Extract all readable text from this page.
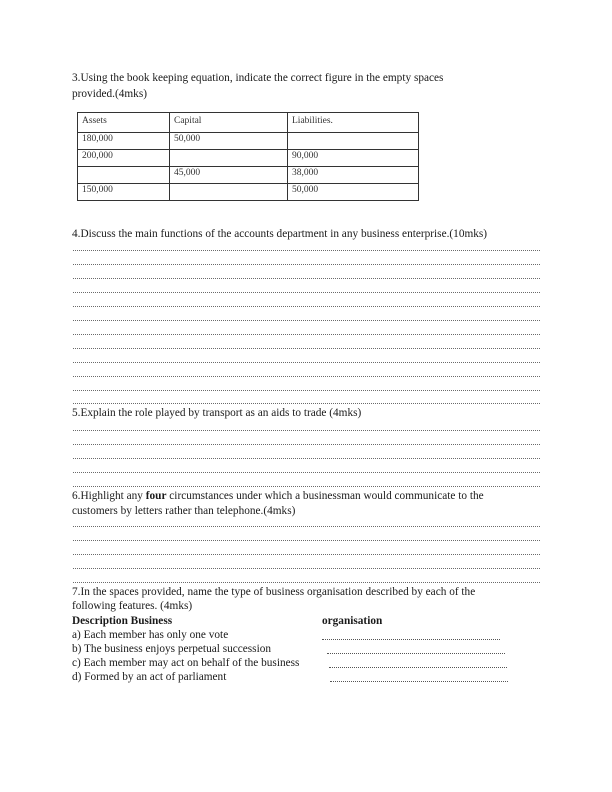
3.Using the book keeping equation, indicate the correct figure in the empty spaces
provided.(4mks)
Assets	Capital	Liabilities.
180,000	50,000	
200,000		90,000
	45,000	38,000
150,000		50,000
4.Discuss the main functions of the accounts department in any business enterprise.(10mks)
5.Explain the role played by transport as an aids to trade (4mks)
6.Highlight any four circumstances under which a businessman would communicate to the
customers by letters rather than telephone.(4mks)
7.In the spaces provided, name the type of business organisation described by each of the
following features. (4mks)
Description Business	organisation
a) Each member has only one vote
b) The business enjoys perpetual succession
c) Each member may act on behalf of the business
d) Formed by an act of parliament
